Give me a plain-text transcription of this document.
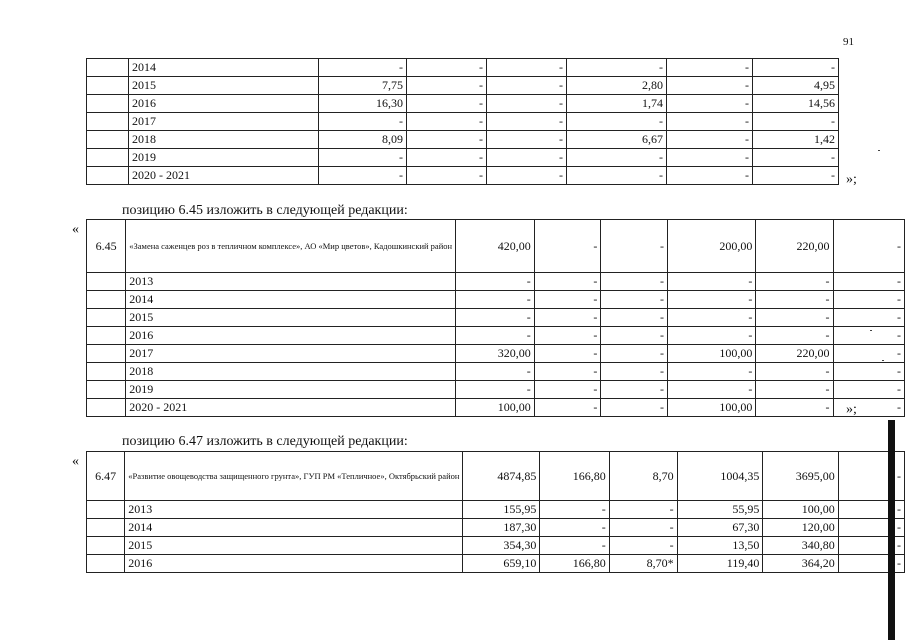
91
	2014	-	-	-	-	-	-
	2015	7,75	-	-	2,80	-	4,95
	2016	16,30	-	-	1,74	-	14,56
	2017	-	-	-	-	-	-
	2018	8,09	-	-	6,67	-	1,42
	2019	-	-	-	-	-	-
	2020 - 2021	-	-	-	-	-	- »;
позицию 6.45 изложить в следующей редакции:
«
6.45	«Замена саженцев роз в тепличном комплексе», АО «Мир цветов», Кадошкинский район	420,00	-	-	200,00	220,00	-
	2013	-	-	-	-	-	-
	2014	-	-	-	-	-	-
	2015	-	-	-	-	-	-
	2016	-	-	-	-	-	-
	2017	320,00	-	-	100,00	220,00	-
	2018	-	-	-	-	-	-
	2019	-	-	-	-	-	-
	2020 - 2021	100,00	-	-	100,00	-	-
»;
позицию 6.47 изложить в следующей редакции:
«
6.47	«Развитие овощеводства защищенного грунта», ГУП РМ «Тепличное», Октябрьский район	4874,85	166,80	8,70	1004,35	3695,00	-
	2013	155,95	-	-	55,95	100,00	-
	2014	187,30	-	-	67,30	120,00	-
	2015	354,30	-	-	13,50	340,80	-
	2016	659,10	166,80	8,70*	119,40	364,20	-
